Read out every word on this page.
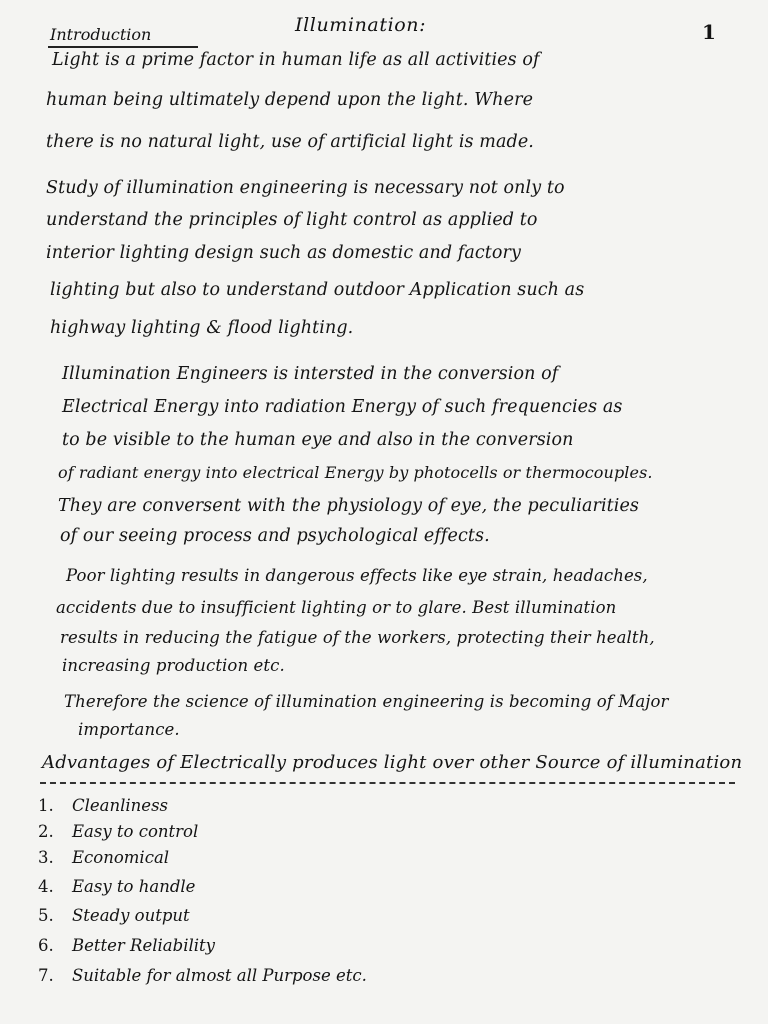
Introduction	Illumination:	1
Light is a prime factor in human life as all activities of
human being ultimately depend upon the light. Where
there is no natural light, use of artificial light is made.
Study of illumination engineering is necessary not only to
understand the principles of light control as applied to
interior lighting design such as domestic and factory
lighting but also to understand outdoor Application such as
highway lighting & flood lighting.
Illumination Engineers is intersted in the conversion of
Electrical Energy into radiation Energy of such frequencies as
to be visible to the human eye and also in the conversion
of radiant energy into electrical Energy by photocells or thermocouples.
They are conversent with the physiology of eye, the peculiarities
of our seeing process and psychological effects.
Poor lighting results in dangerous effects like eye strain, headaches,
accidents due to insufficient lighting or to glare. Best illumination
results in reducing the fatigue of the workers, protecting their health,
increasing production etc.
Therefore the science of illumination engineering is becoming of Major
importance.
Advantages of Electrically produces light over other Source of illumination
1. Cleanliness
2. Easy to control
3. Economical
4. Easy to handle
5. Steady output
6. Better Reliability
7. Suitable for almost all Purpose etc.
